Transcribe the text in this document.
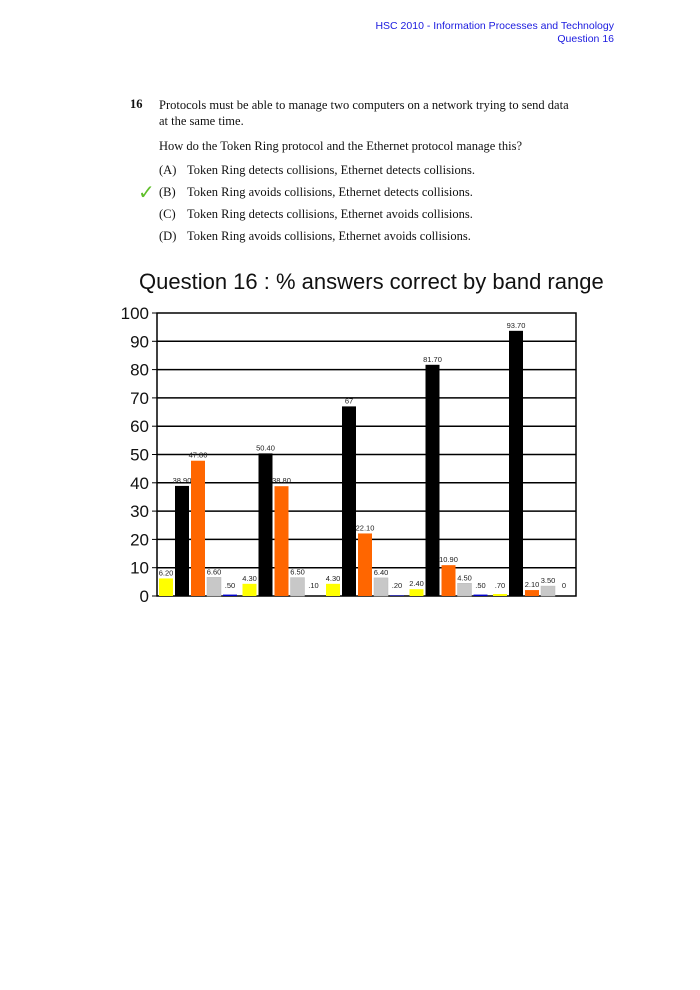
HSC 2010 - Information Processes and Technology
Question 16
16 Protocols must be able to manage two computers on a network trying to send data at the same time.
How do the Token Ring protocol and the Ethernet protocol manage this?
✓
(A) Token Ring detects collisions, Ethernet detects collisions.
(B) Token Ring avoids collisions, Ethernet detects collisions.
(C) Token Ring detects collisions, Ethernet avoids collisions.
(D) Token Ring avoids collisions, Ethernet avoids collisions.
Question 16 : % answers correct by band range
0
10
20
30
40
50
60
70
80
90
100
6.20
38.90
47.80
6.60
.50
4.30
50.40
38.80
6.50
.10
4.30
67
22.10
6.40
.20 2.40
81.70
10.90
4.50
.50 .70
93.70
2.10 3.50
0
